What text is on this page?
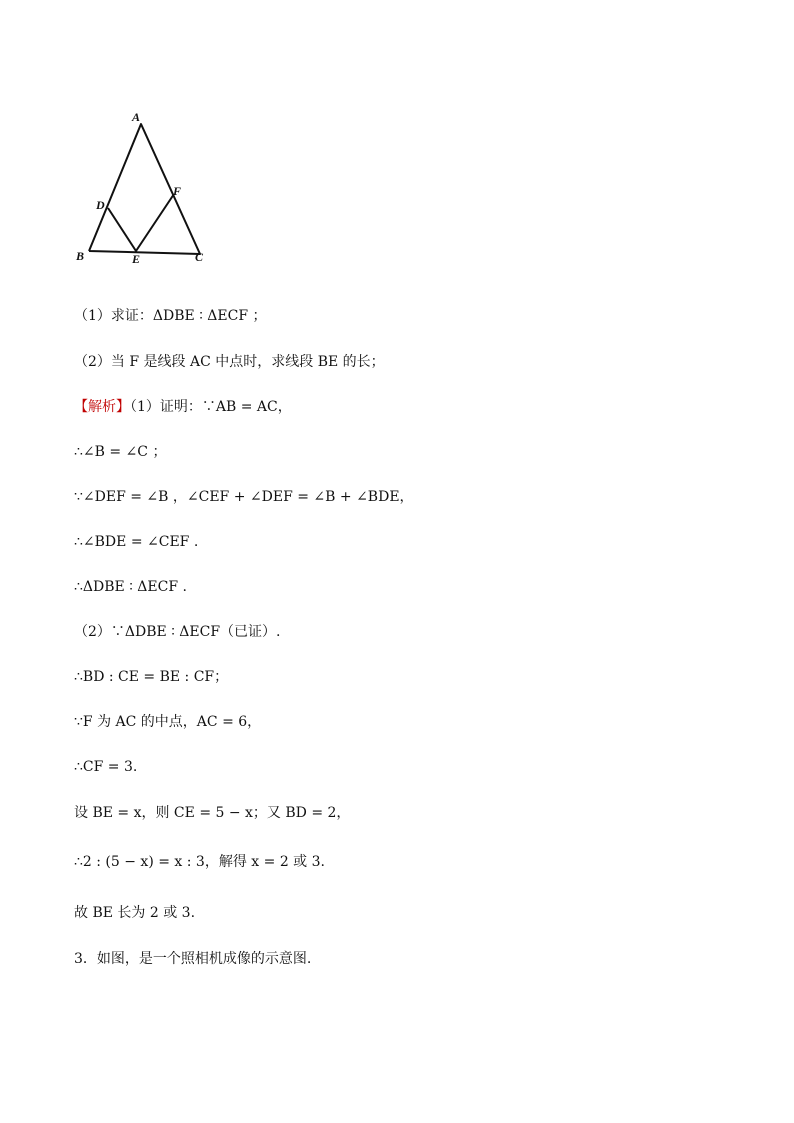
A
B	C
D
E
F
（1）求证：ΔDBE ∶ ΔECF ；
（2）当 F 是线段 AC 中点时，求线段 BE 的长；
【解析】（1）证明：∵AB = AC，
∴∠B = ∠C ；
∵∠DEF = ∠B ，∠CEF + ∠DEF = ∠B + ∠BDE，
∴∠BDE = ∠CEF .
∴ΔDBE ∶ ΔECF .
（2）∵ΔDBE ∶ ΔECF（已证）.
∴BD : CE = BE : CF；
∵F 为 AC 的中点，AC = 6，
∴CF = 3.
设 BE = x，则 CE = 5 − x；又 BD = 2，
∴2 : (5 − x) = x : 3，解得 x = 2 或 3.
故 BE 长为 2 或 3.
3．如图，是一个照相机成像的示意图.
